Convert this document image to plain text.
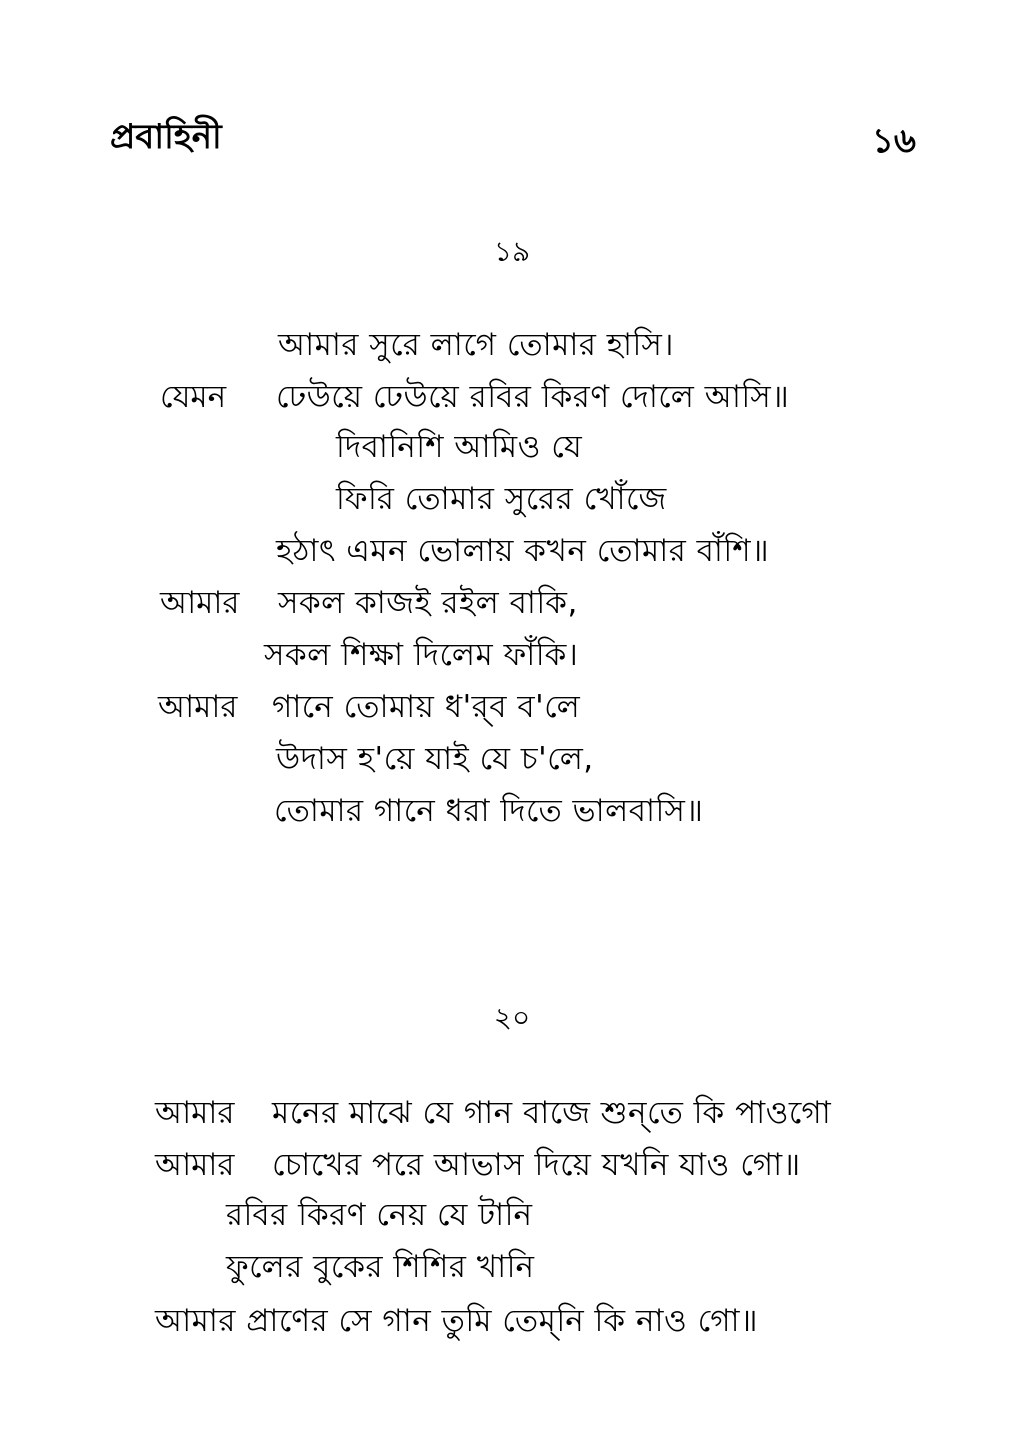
প্রবাহিনী	১৬
১৯
আমার সুরে লাগে তোমার হাসি।
যেমন ঢেউয়ে ঢেউয়ে রবির কিরণ দোলে আসি॥
দিবানিশি আমিও যে
ফিরি তোমার সুরের খোঁজে
হঠাৎ এমন ভোলায় কখন তোমার বাঁশি॥
আমার সকল কাজই রইল বাকি,
সকল শিক্ষা দিলেম ফাঁকি।
আমার গানে তোমায় ধ'র্‌ব ব'লে
উদাস হ'য়ে যাই যে চ'লে,
তোমার গানে ধরা দিতে ভালবাসি॥
২০
আমার মনের মাঝে যে গান বাজে শুন্‌তে কি পাওগো
আমার চোখের পরে আভাস দিয়ে যখনি যাও গো॥
রবির কিরণ নেয় যে টানি
ফুলের বুকের শিশির খানি
আমার প্রাণের সে গান তুমি তেম্‌নি কি নাও গো॥
